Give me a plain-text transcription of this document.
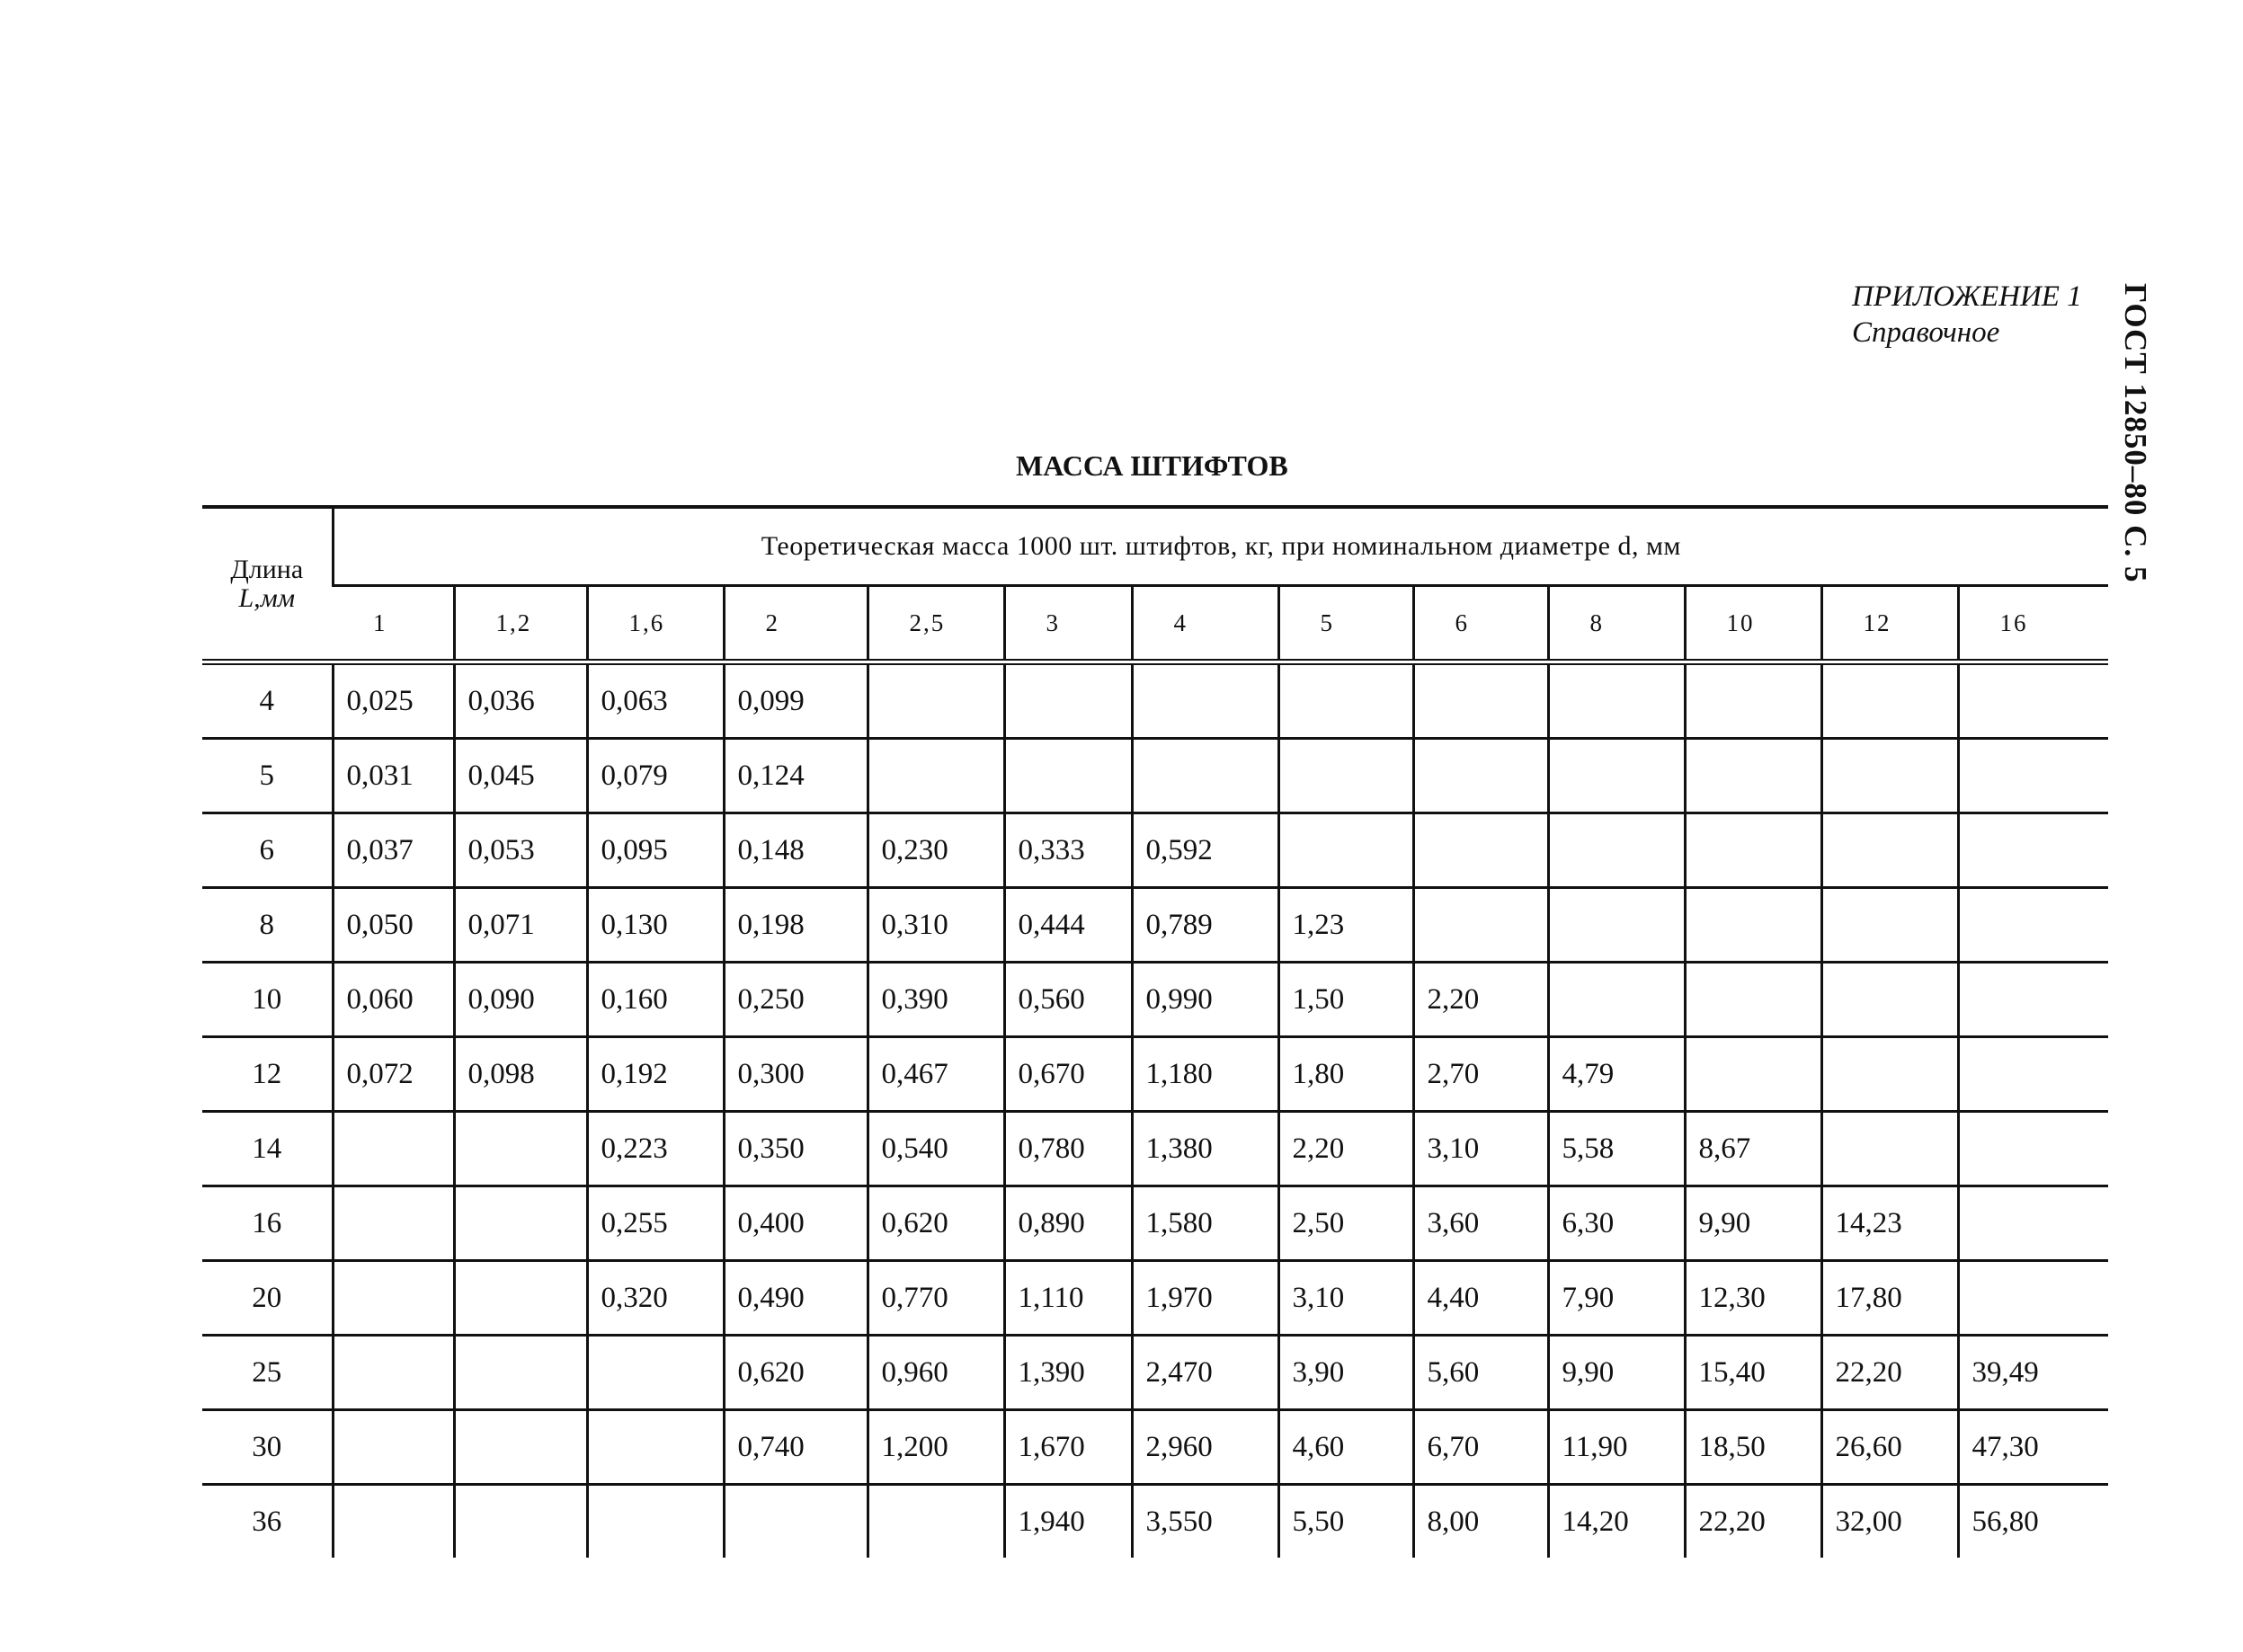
ПРИЛОЖЕНИЕ 1
Справочное	ГОСТ 12850–80 С. 5
МАССА ШТИФТОВ
Длина
L,мм	Теоретическая масса 1000 шт. штифтов, кг, при номинальном диаметре d, мм												
	1	1,2	1,6	2	2,5	3	4	5	6	8	10	12	16
4	0,025	0,036	0,063	0,099									
5	0,031	0,045	0,079	0,124									
6	0,037	0,053	0,095	0,148	0,230	0,333	0,592						
8	0,050	0,071	0,130	0,198	0,310	0,444	0,789	1,23					
10	0,060	0,090	0,160	0,250	0,390	0,560	0,990	1,50	2,20				
12	0,072	0,098	0,192	0,300	0,467	0,670	1,180	1,80	2,70	4,79			
14			0,223	0,350	0,540	0,780	1,380	2,20	3,10	5,58	8,67		
16			0,255	0,400	0,620	0,890	1,580	2,50	3,60	6,30	9,90	14,23	
20			0,320	0,490	0,770	1,110	1,970	3,10	4,40	7,90	12,30	17,80	
25				0,620	0,960	1,390	2,470	3,90	5,60	9,90	15,40	22,20	39,49
30				0,740	1,200	1,670	2,960	4,60	6,70	11,90	18,50	26,60	47,30
36						1,940	3,550	5,50	8,00	14,20	22,20	32,00	56,80
